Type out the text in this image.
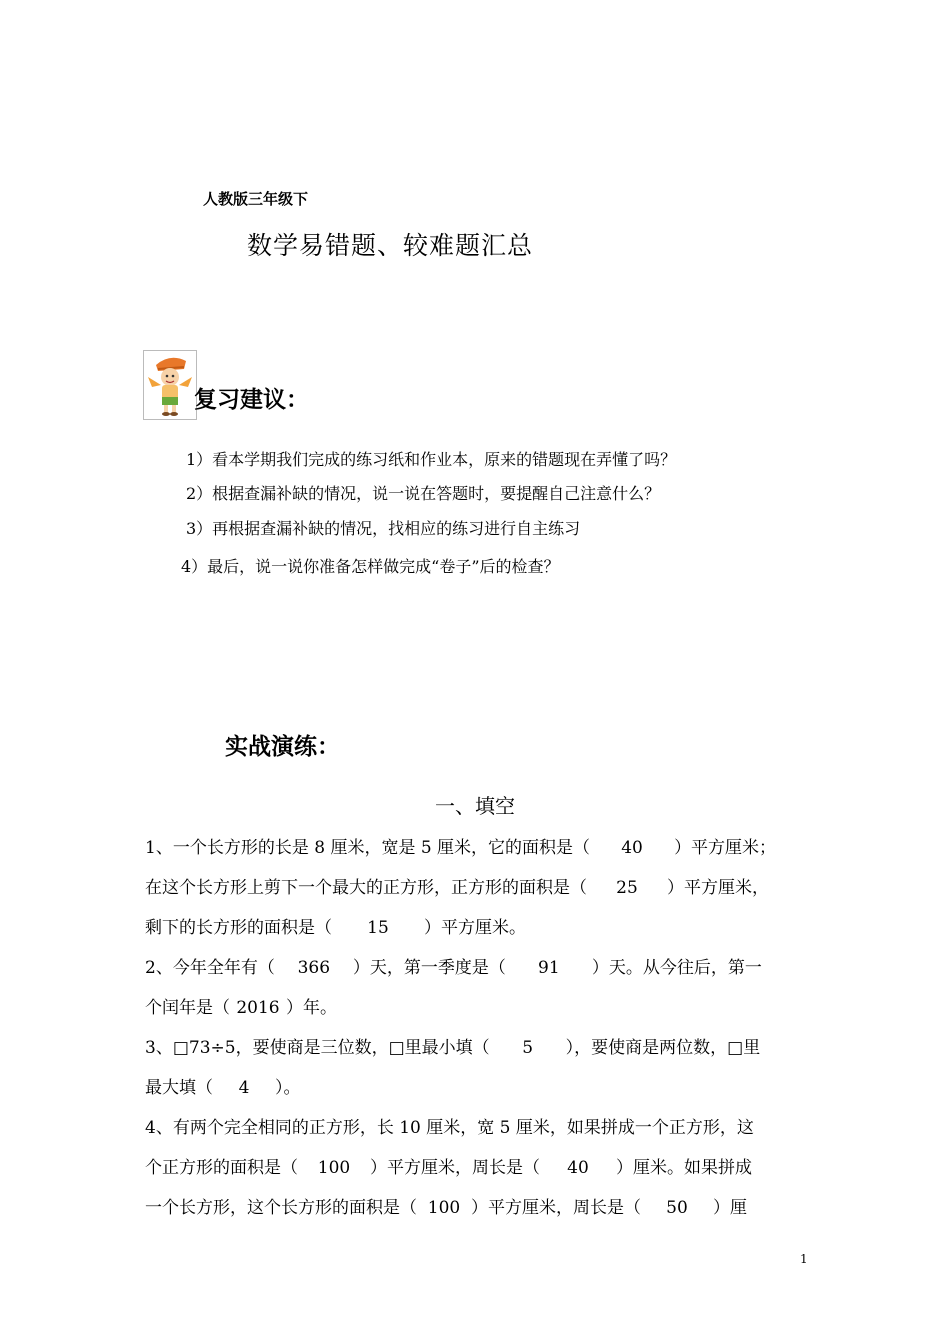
人教版三年级下
数学易错题、较难题汇总
复习建议：
1）看本学期我们完成的练习纸和作业本，原来的错题现在弄懂了吗？
2）根据查漏补缺的情况，说一说在答题时，要提醒自己注意什么？
3）再根据查漏补缺的情况，找相应的练习进行自主练习
4）最后，说一说你准备怎样做完成“卷子”后的检查？
实战演练：
一、填空
1、一个长方形的长是 8 厘米，宽是 5 厘米，它的面积是（ 40 ）平方厘米；
在这个长方形上剪下一个最大的正方形，正方形的面积是（ 25 ）平方厘米，
剩下的长方形的面积是（ 15 ）平方厘米。
2、今年全年有（ 366 ）天，第一季度是（ 91 ）天。从今往后，第一
个闰年是（ 2016 ）年。
3、□73÷5，要使商是三位数，□里最小填（ 5 ），要使商是两位数，□里
最大填（ 4 ）。
4、有两个完全相同的正方形，长 10 厘米，宽 5 厘米，如果拼成一个正方形，这
个正方形的面积是（ 100 ）平方厘米，周长是（ 40 ）厘米。如果拼成
一个长方形，这个长方形的面积是（ 100 ）平方厘米，周长是（ 50 ）厘
1
